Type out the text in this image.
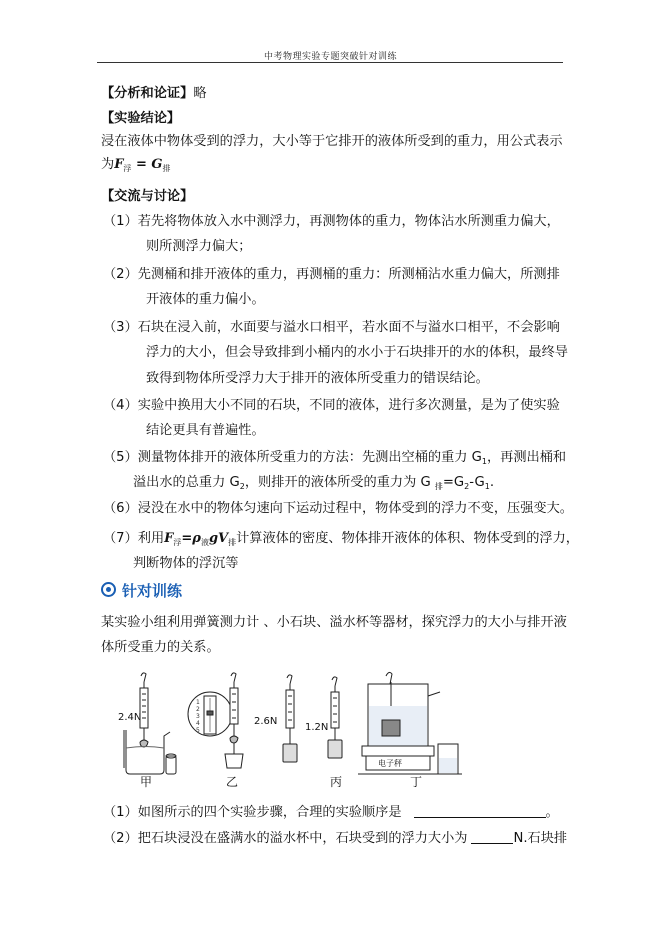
中考物理实验专题突破针对训练
【分析和论证】略
【实验结论】
浸在液体中物体受到的浮力，大小等于它排开的液体所受到的重力，用公式表示
为$F_浮 = G_排$
【交流与讨论】
（1）若先将物体放入水中测浮力，再测物体的重力，物体沾水所测重力偏大，
则所测浮力偏大；
（2）先测桶和排开液体的重力，再测桶的重力：所测桶沾水重力偏大，所测排
开液体的重力偏小。
（3）石块在浸入前，水面要与溢水口相平，若水面不与溢水口相平，不会影响
浮力的大小，但会导致排到小桶内的水小于石块排开的水的体积，最终导
致得到物体所受浮力大于排开的液体所受重力的错误结论。
（4）实验中换用大小不同的石块，不同的液体，进行多次测量，是为了使实验
结论更具有普遍性。
（5）测量物体排开的液体所受重力的方法：先测出空桶的重力 $G_1$，再测出桶和
溢出水的总重力 $G_2$，则排开的液体所受的重力为 G $_排=G_2-G_1$.
（6）浸没在水中的物体匀速向下运动过程中，物体受到的浮力不变，压强变大。
（7）利用$F_浮=\rho_液gV_排$计算液体的密度、物体排开液体的体积、物体受到的浮力，
判断物体的浮沉等
针对训练
某实验小组利用弹簧测力计 、小石块、溢水杯等器材，探究浮力的大小与排开液
体所受重力的关系。
2.4N	2.6N
1.2N
1
2
3
4
5
电子秤
甲	乙	丙	丁
（1）如图所示的四个实验步骤，合理的实验顺序是	。
（2）把石块浸没在盛满水的溢水杯中，石块受到的浮力大小为	N.石块排
